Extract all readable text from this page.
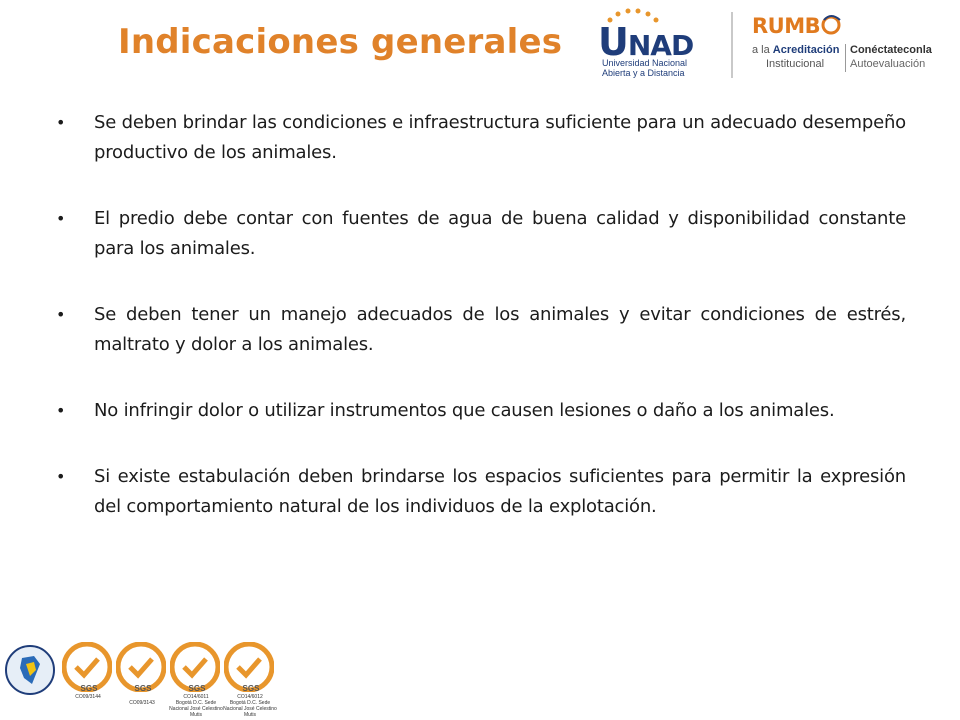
Indicaciones generales UNAD
Universidad Nacional
Abierta y a Distancia
RUMB
a la Acreditación
Institucional
Conéctateconla
Autoevaluación
• Se deben brindar las condiciones e infraestructura suficiente para un adecuado desempeño productivo de los animales.
• El predio debe contar con fuentes de agua de buena calidad y disponibilidad constante para los animales.
• Se deben tener un manejo adecuados de los animales y evitar condiciones de estrés, maltrato y dolor a los animales.
• No infringir dolor o utilizar instrumentos que causen lesiones o daño a los animales.
• Si existe estabulación deben brindarse los espacios suficientes para permitir la expresión del comportamiento natural de los individuos de la explotación.
CO09/3144
SGS
CO09/3143
SGS
CO14/6011
Bogotá D.C. Sede Nacional José Celestino Mutis
SGS
CO14/6012
Bogotá D.C. Sede Nacional José Celestino Mutis
SGS
